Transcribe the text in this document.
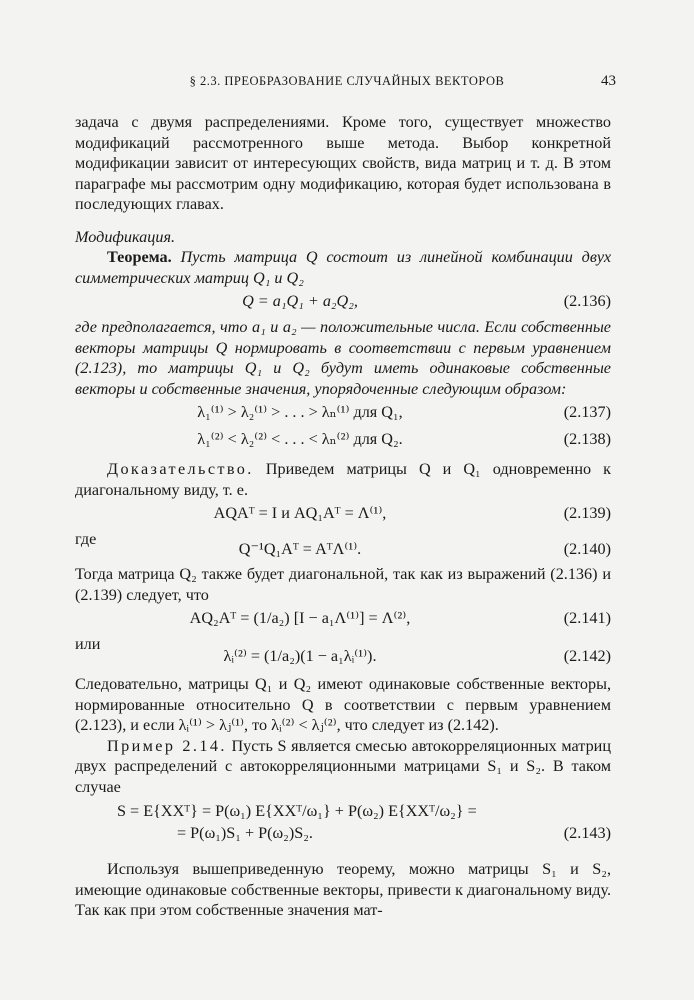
§ 2.3. ПРЕОБРАЗОВАНИЕ СЛУЧАЙНЫХ ВЕКТОРОВ	43

задача с двумя распределениями. Кроме того, существует множество модификаций рассмотренного выше метода. Выбор конкретной модификации зависит от интересующих свойств, вида матриц и т. д. В этом параграфе мы рассмотрим одну модификацию, которая будет использована в последующих главах.

Модификация.

Теорема. Пусть матрица Q состоит из линейной комбинации двух симметрических матриц Q₁ и Q₂

Q = a₁Q₁ + a₂Q₂,	(2.136)

где предполагается, что a₁ и a₂ — положительные числа. Если собственные векторы матрицы Q нормировать в соответствии с первым уравнением (2.123), то матрицы Q₁ и Q₂ будут иметь одинаковые собственные векторы и собственные значения, упорядоченные следующим образом:

λ₁⁽¹⁾ > λ₂⁽¹⁾ > . . . > λₙ⁽¹⁾ для Q₁,	(2.137)
λ₁⁽²⁾ < λ₂⁽²⁾ < . . . < λₙ⁽²⁾ для Q₂.	(2.138)

Доказательство. Приведем матрицы Q и Q₁ одновременно к диагональному виду, т. е.

AQAᵀ = I и AQ₁Aᵀ = Λ⁽¹⁾,	(2.139)
где
Q⁻¹Q₁Aᵀ = AᵀΛ⁽¹⁾.	(2.140)

Тогда матрица Q₂ также будет диагональной, так как из выражений (2.136) и (2.139) следует, что

AQ₂Aᵀ = (1/a₂) [I − a₁Λ⁽¹⁾] = Λ⁽²⁾,	(2.141)
или
λᵢ⁽²⁾ = (1/a₂)(1 − a₁λᵢ⁽¹⁾).	(2.142)

Следовательно, матрицы Q₁ и Q₂ имеют одинаковые собственные векторы, нормированные относительно Q в соответствии с первым уравнением (2.123), и если λᵢ⁽¹⁾ > λⱼ⁽¹⁾, то λᵢ⁽²⁾ < λⱼ⁽²⁾, что следует из (2.142).

Пример 2.14. Пусть S является смесью автокорреляционных матриц двух распределений с автокорреляционными матрицами S₁ и S₂. В таком случае

S = E{XXᵀ} = P(ω₁) E{XXᵀ/ω₁} + P(ω₂) E{XXᵀ/ω₂} =
= P(ω₁)S₁ + P(ω₂)S₂.	(2.143)

Используя вышеприведенную теорему, можно матрицы S₁ и S₂, имеющие одинаковые собственные векторы, привести к диагональному виду. Так как при этом собственные значения мат-
